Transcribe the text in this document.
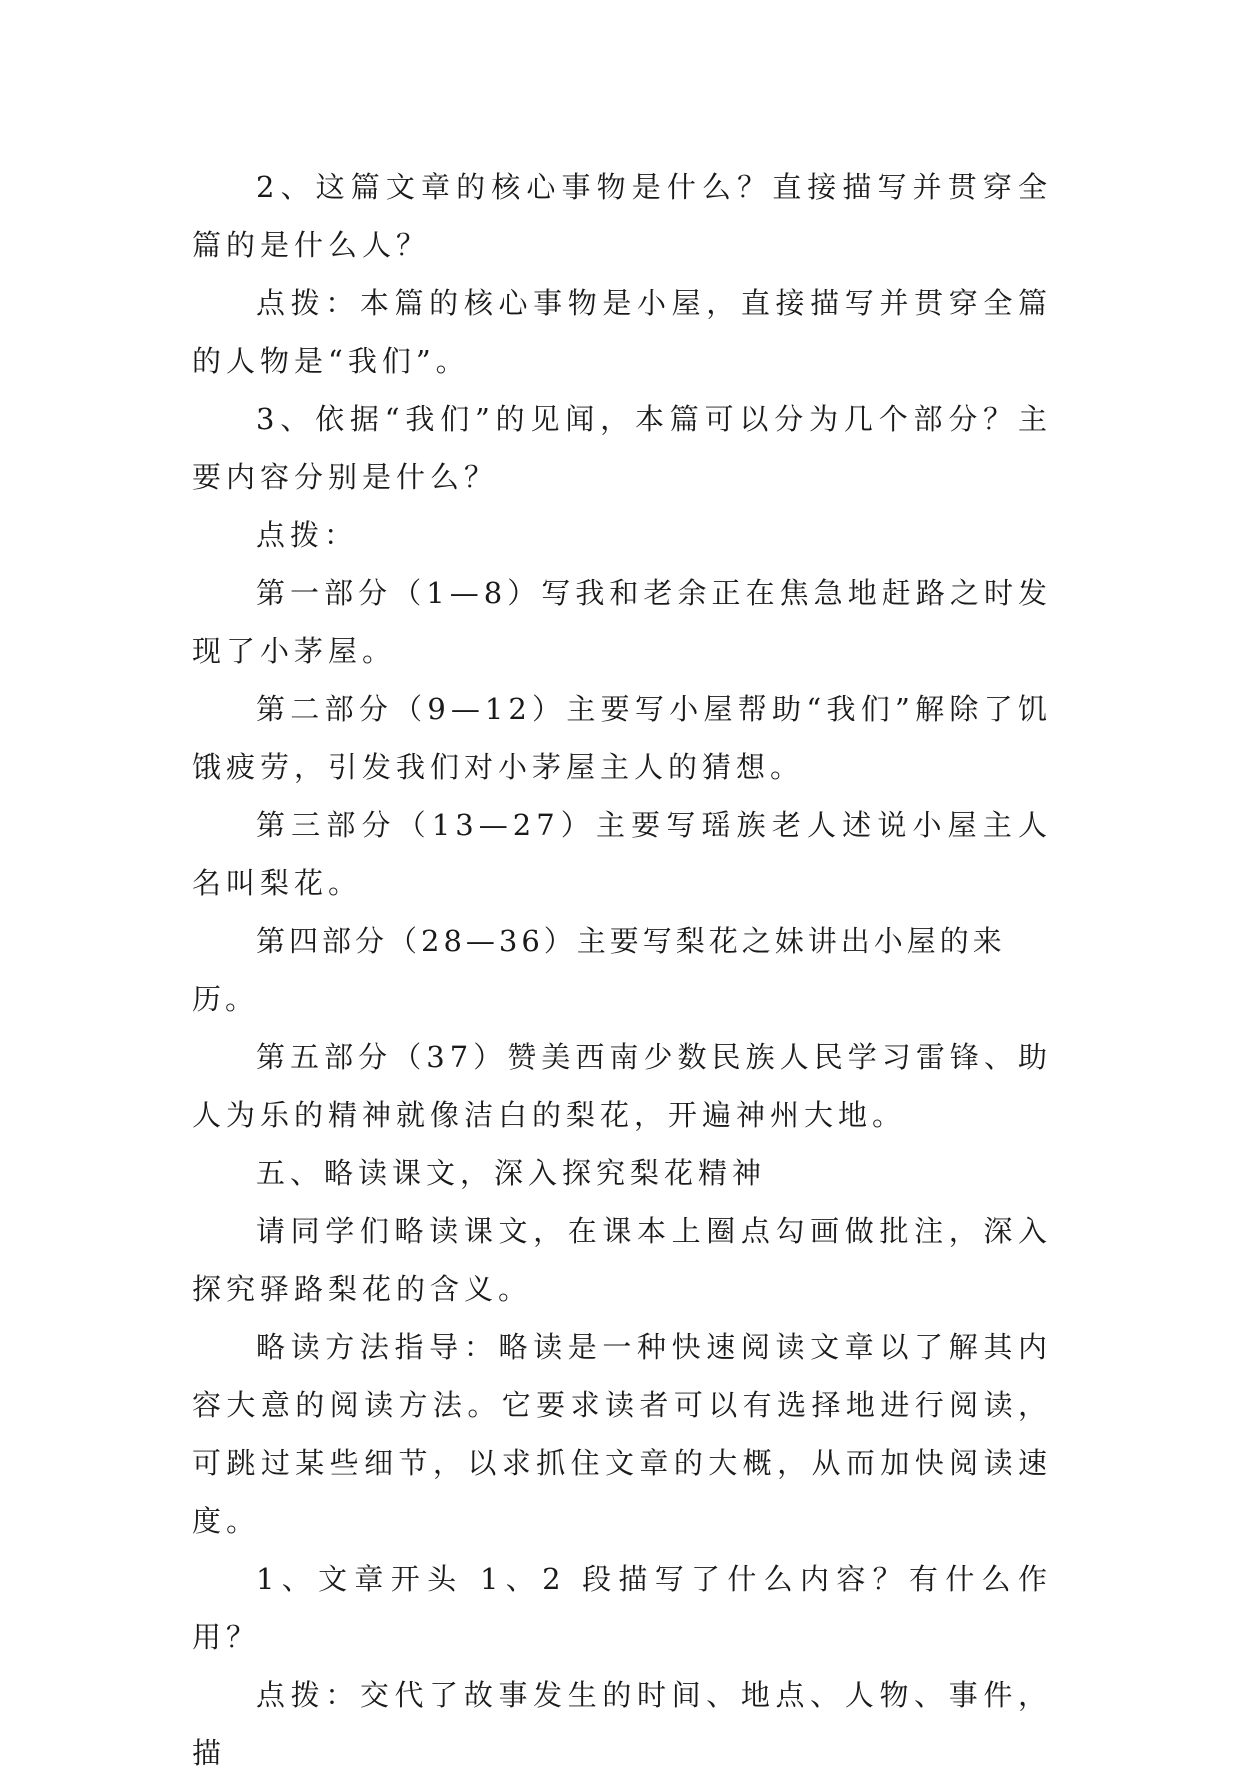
2、这篇文章的核心事物是什么？直接描写并贯穿全篇的是什么人？

点拨：本篇的核心事物是小屋，直接描写并贯穿全篇的人物是“我们”。

3、依据“我们”的见闻，本篇可以分为几个部分？主要内容分别是什么？

点拨：

第一部分（1—8）写我和老余正在焦急地赶路之时发现了小茅屋。

第二部分（9—12）主要写小屋帮助“我们”解除了饥饿疲劳，引发我们对小茅屋主人的猜想。

第三部分（13—27）主要写瑶族老人述说小屋主人名叫梨花。

第四部分（28—36）主要写梨花之妹讲出小屋的来历。

第五部分（37）赞美西南少数民族人民学习雷锋、助人为乐的精神就像洁白的梨花，开遍神州大地。

五、略读课文，深入探究梨花精神

请同学们略读课文，在课本上圈点勾画做批注，深入探究驿路梨花的含义。

略读方法指导：略读是一种快速阅读文章以了解其内容大意的阅读方法。它要求读者可以有选择地进行阅读，可跳过某些细节，以求抓住文章的大概，从而加快阅读速度。

1、文章开头 1、2 段描写了什么内容？有什么作用？

点拨：交代了故事发生的时间、地点、人物、事件，描
